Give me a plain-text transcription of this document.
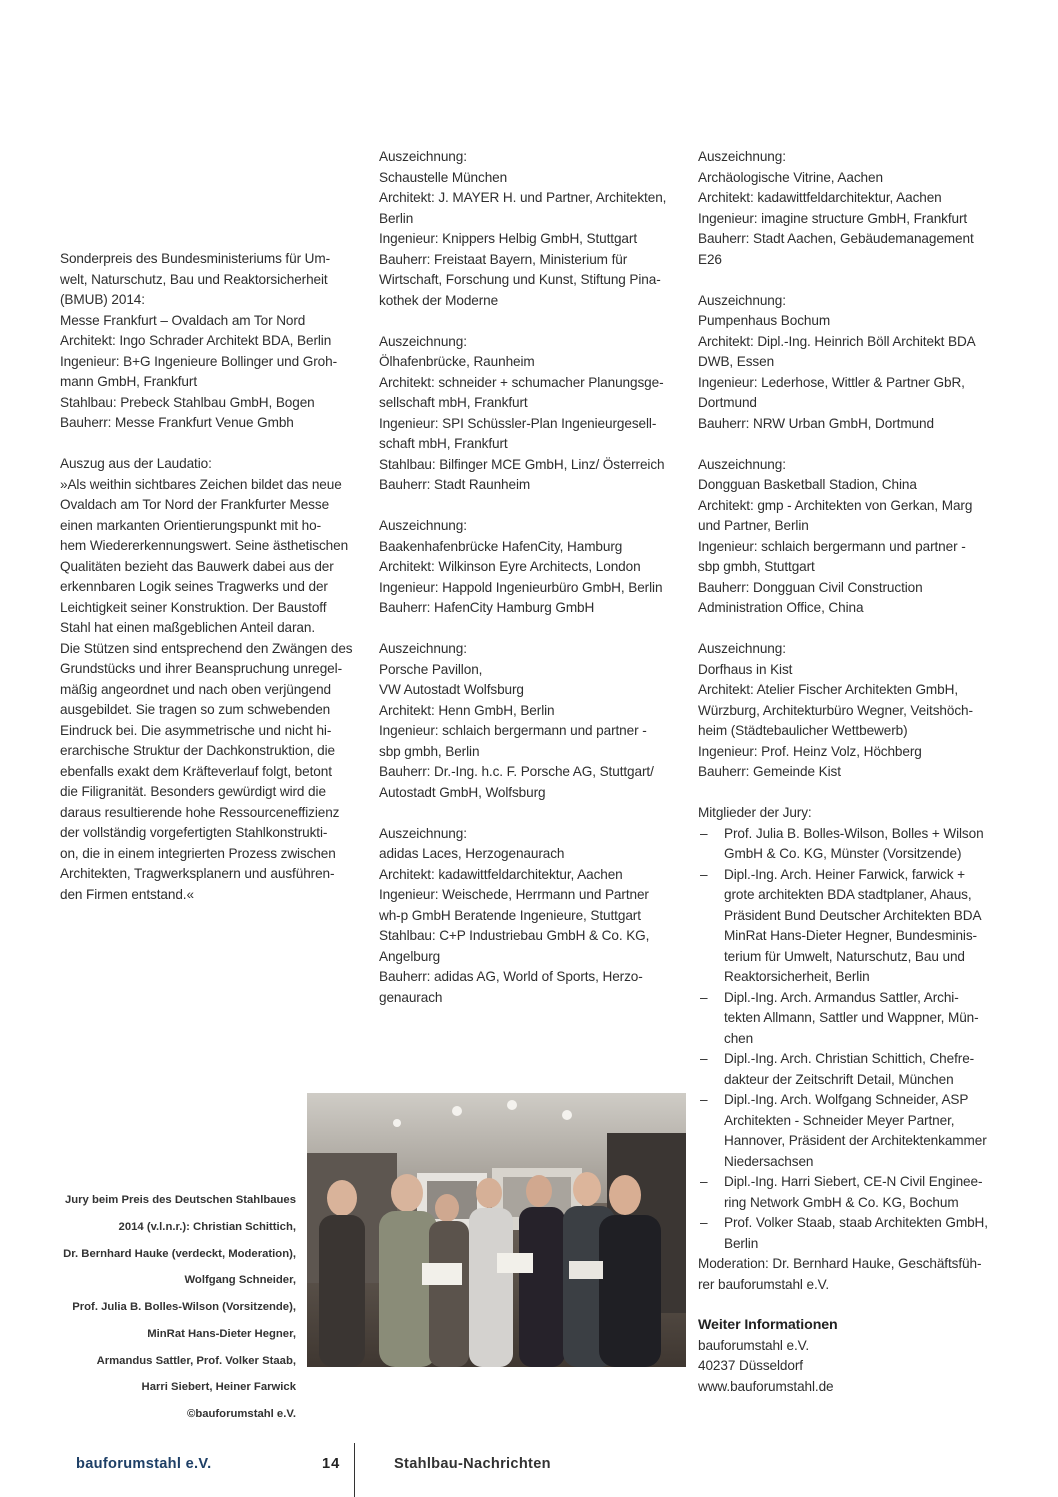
Sonderpreis des Bundesministeriums für Um-

welt, Naturschutz, Bau und Reaktorsicherheit

(BMUB) 2014:

Messe Frankfurt – Ovaldach am Tor Nord

Architekt: Ingo Schrader Architekt BDA, Berlin

Ingenieur: B+G Ingenieure Bollinger und Groh-

mann GmbH, Frankfurt

Stahlbau: Prebeck Stahlbau GmbH, Bogen

Bauherr: Messe Frankfurt Venue Gmbh

Auszug aus der Laudatio:

»Als weithin sichtbares Zeichen bildet das neue

Ovaldach am Tor Nord der Frankfurter Messe

einen markanten Orientierungspunkt mit ho-

hem Wiedererkennungswert. Seine ästhetischen

Qualitäten bezieht das Bauwerk dabei aus der

erkennbaren Logik seines Tragwerks und der

Leichtigkeit seiner Konstruktion. Der Baustoff

Stahl hat einen maßgeblichen Anteil daran.

Die Stützen sind entsprechend den Zwängen des

Grundstücks und ihrer Beanspruchung unregel-

mäßig angeordnet und nach oben verjüngend

ausgebildet. Sie tragen so zum schwebenden

Eindruck bei. Die asymmetrische und nicht hi-

erarchische Struktur der Dachkonstruktion, die

ebenfalls exakt dem Kräfteverlauf folgt, betont

die Filigranität. Besonders gewürdigt wird die

daraus resultierende hohe Ressourceneffizienz

der vollständig vorgefertigten Stahlkonstrukti-

on, die in einem integrierten Prozess zwischen

Architekten, Tragwerksplanern und ausführen-

den Firmen entstand.«

Auszeichnung:

Schaustelle München

Architekt: J. MAYER H. und Partner, Architekten,

Berlin

Ingenieur: Knippers Helbig GmbH, Stuttgart

Bauherr: Freistaat Bayern, Ministerium für

Wirtschaft, Forschung und Kunst, Stiftung Pina-

kothek der Moderne

Auszeichnung:

Ölhafenbrücke, Raunheim

Architekt: schneider + schumacher Planungsge-

sellschaft mbH, Frankfurt

Ingenieur: SPI Schüssler-Plan Ingenieurgesell-

schaft mbH, Frankfurt

Stahlbau: Bilfinger MCE GmbH, Linz/ Österreich

Bauherr: Stadt Raunheim

Auszeichnung:

Baakenhafenbrücke HafenCity, Hamburg

Architekt: Wilkinson Eyre Architects, London

Ingenieur: Happold Ingenieurbüro GmbH, Berlin

Bauherr: HafenCity Hamburg GmbH

Auszeichnung:

Porsche Pavillon,

VW Autostadt Wolfsburg

Architekt: Henn GmbH, Berlin

Ingenieur: schlaich bergermann und partner -

sbp gmbh, Berlin

Bauherr: Dr.-Ing. h.c. F. Porsche AG, Stuttgart/

Autostadt GmbH, Wolfsburg

Auszeichnung:

adidas Laces, Herzogenaurach

Architekt: kadawittfeldarchitektur, Aachen

Ingenieur: Weischede, Herrmann und Partner

wh-p GmbH Beratende Ingenieure, Stuttgart

Stahlbau: C+P Industriebau GmbH & Co. KG,

Angelburg

Bauherr: adidas AG, World of Sports, Herzo-

genaurach

Auszeichnung:

Archäologische Vitrine, Aachen

Architekt: kadawittfeldarchitektur, Aachen

Ingenieur: imagine structure GmbH, Frankfurt

Bauherr: Stadt Aachen, Gebäudemanagement

E26

Auszeichnung:

Pumpenhaus Bochum

Architekt: Dipl.-Ing. Heinrich Böll Architekt BDA

DWB, Essen

Ingenieur: Lederhose, Wittler & Partner GbR,

Dortmund

Bauherr: NRW Urban GmbH, Dortmund

Auszeichnung:

Dongguan Basketball Stadion, China

Architekt: gmp - Architekten von Gerkan, Marg

und Partner, Berlin

Ingenieur: schlaich bergermann und partner -

sbp gmbh, Stuttgart

Bauherr: Dongguan Civil Construction

Administration Office, China

Auszeichnung:

Dorfhaus in Kist

Architekt: Atelier Fischer Architekten GmbH,

Würzburg, Architekturbüro Wegner, Veitshöch-

heim (Städtebaulicher Wettbewerb)

Ingenieur: Prof. Heinz Volz, Höchberg

Bauherr: Gemeinde Kist

Mitglieder der Jury:

– Prof. Julia B. Bolles-Wilson, Bolles + Wilson
GmbH & Co. KG, Münster (Vorsitzende)
– Dipl.-Ing. Arch. Heiner Farwick, farwick +
grote architekten BDA stadtplaner, Ahaus,
Präsident Bund Deutscher Architekten BDA
MinRat Hans-Dieter Hegner, Bundesminis-
terium für Umwelt, Naturschutz, Bau und
Reaktorsicherheit, Berlin
– Dipl.-Ing. Arch. Armandus Sattler, Archi-
tekten Allmann, Sattler und Wappner, Mün-
chen
– Dipl.-Ing. Arch. Christian Schittich, Chefre-
dakteur der Zeitschrift Detail, München
– Dipl.-Ing. Arch. Wolfgang Schneider, ASP
Architekten - Schneider Meyer Partner,
Hannover, Präsident der Architektenkammer
Niedersachsen
– Dipl.-Ing. Harri Siebert, CE-N Civil Enginee-
ring Network GmbH & Co. KG, Bochum
– Prof. Volker Staab, staab Architekten GmbH,
Berlin

Moderation: Dr. Bernhard Hauke, Geschäftsfüh-

rer bauforumstahl e.V.

Weiter Informationen

bauforumstahl e.V.

40237 Düsseldorf

www.bauforumstahl.de

Jury beim Preis des Deutschen Stahlbaues

2014 (v.l.n.r.): Christian Schittich,

Dr. Bernhard Hauke (verdeckt, Moderation),

Wolfgang Schneider,

Prof. Julia B. Bolles-Wilson (Vorsitzende),

MinRat Hans-Dieter Hegner,

Armandus Sattler, Prof. Volker Staab,

Harri Siebert, Heiner Farwick

©bauforumstahl e.V.

bauforumstahl e.V.	14	Stahlbau-Nachrichten
